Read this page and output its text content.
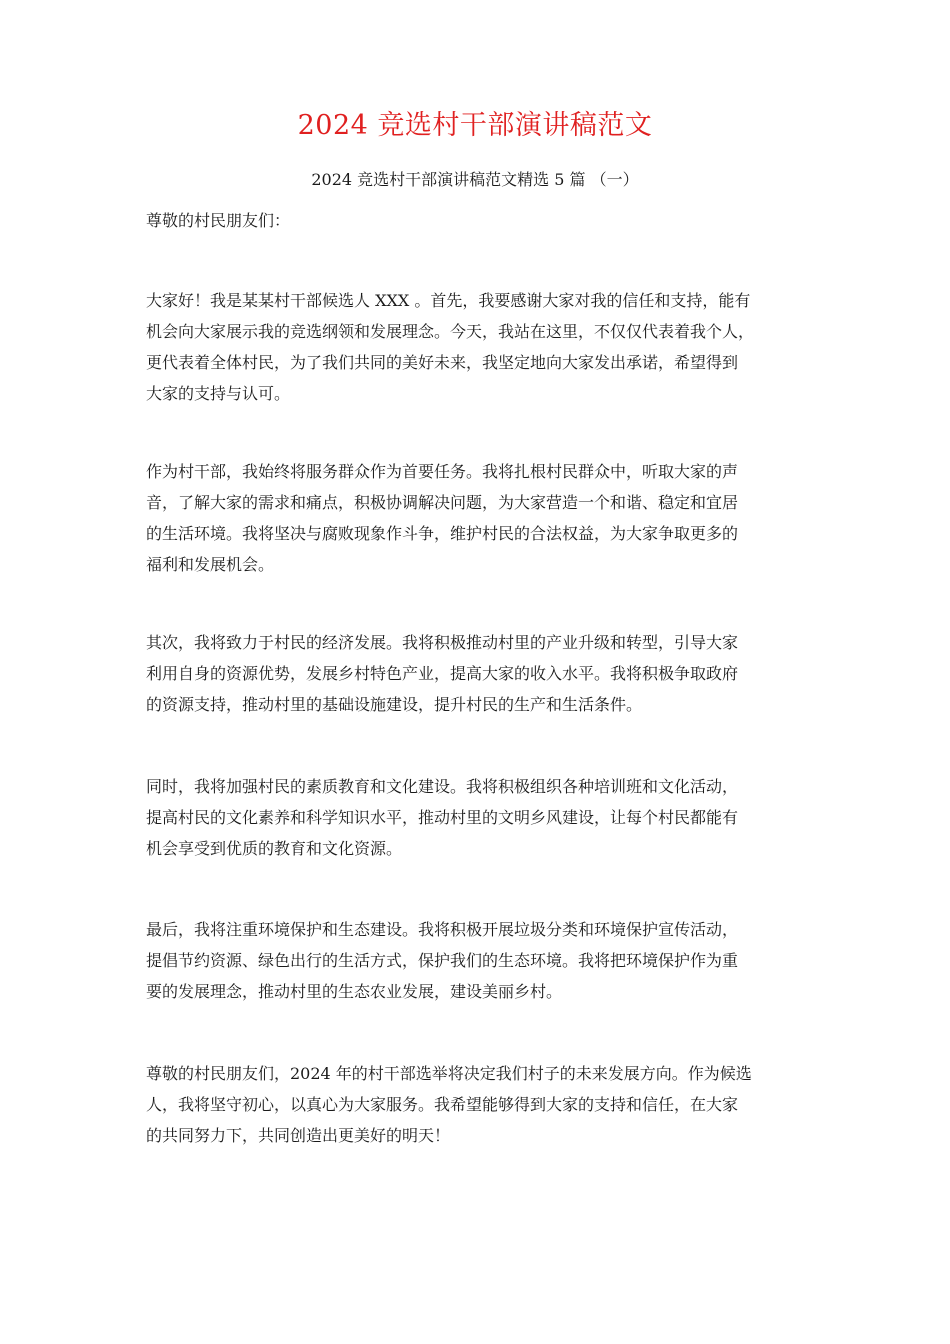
2024 竞选村干部演讲稿范文
2024 竞选村干部演讲稿范文精选 5 篇 （一）
尊敬的村民朋友们：
大家好！我是某某村干部候选人 XXX 。首先，我要感谢大家对我的信任和支持，能有
机会向大家展示我的竞选纲领和发展理念。今天，我站在这里，不仅仅代表着我个人，
更代表着全体村民，为了我们共同的美好未来，我坚定地向大家发出承诺，希望得到
大家的支持与认可。
作为村干部，我始终将服务群众作为首要任务。我将扎根村民群众中，听取大家的声
音，了解大家的需求和痛点，积极协调解决问题，为大家营造一个和谐、稳定和宜居
的生活环境。我将坚决与腐败现象作斗争，维护村民的合法权益，为大家争取更多的
福利和发展机会。
其次，我将致力于村民的经济发展。我将积极推动村里的产业升级和转型，引导大家
利用自身的资源优势，发展乡村特色产业，提高大家的收入水平。我将积极争取政府
的资源支持，推动村里的基础设施建设，提升村民的生产和生活条件。
同时，我将加强村民的素质教育和文化建设。我将积极组织各种培训班和文化活动，
提高村民的文化素养和科学知识水平，推动村里的文明乡风建设，让每个村民都能有
机会享受到优质的教育和文化资源。
最后，我将注重环境保护和生态建设。我将积极开展垃圾分类和环境保护宣传活动，
提倡节约资源、绿色出行的生活方式，保护我们的生态环境。我将把环境保护作为重
要的发展理念，推动村里的生态农业发展，建设美丽乡村。
尊敬的村民朋友们，2024 年的村干部选举将决定我们村子的未来发展方向。作为候选
人，我将坚守初心，以真心为大家服务。我希望能够得到大家的支持和信任，在大家
的共同努力下，共同创造出更美好的明天！
